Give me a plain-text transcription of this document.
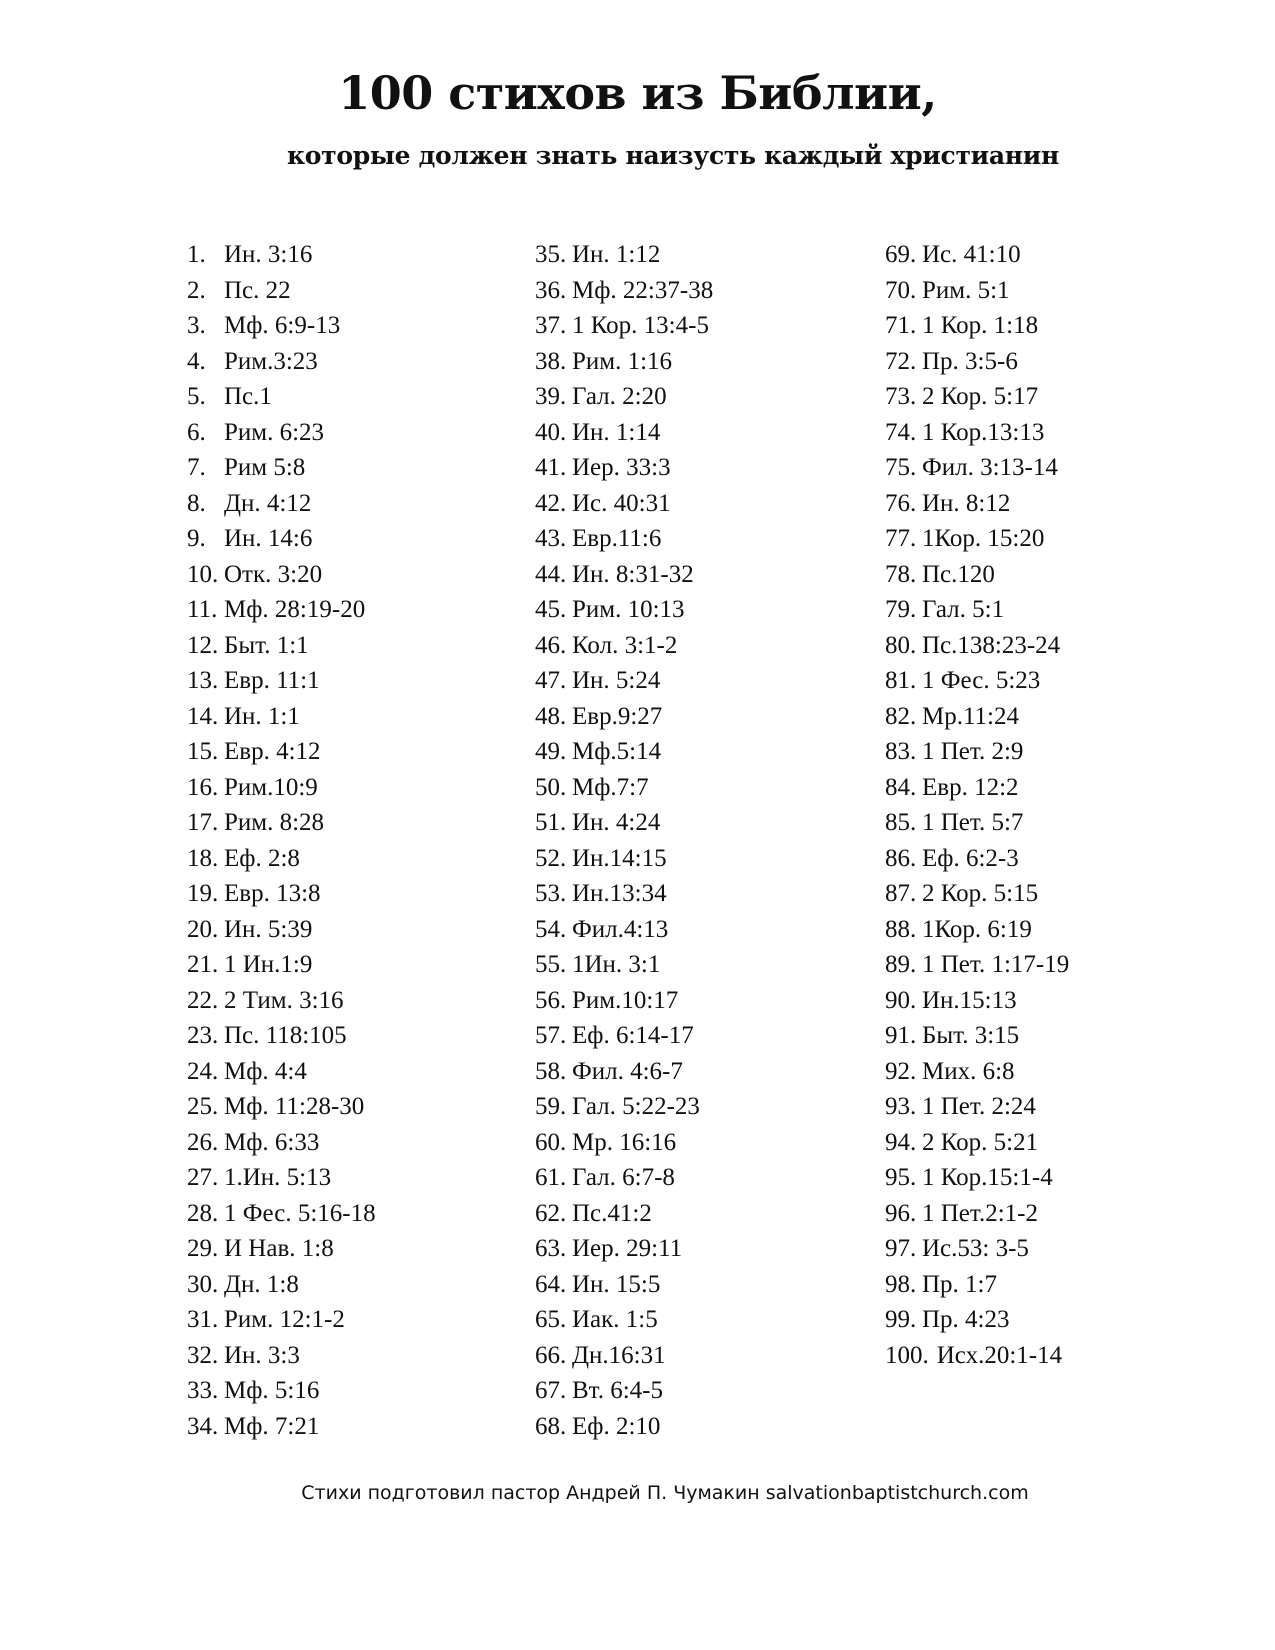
100 стихов из Библии,
которые должен знать наизусть каждый христианин
1. Ин. 3:16
2. Пс. 22
3. Мф. 6:9-13
4. Рим.3:23
5. Пс.1
6. Рим. 6:23
7. Рим 5:8
8. Дн. 4:12
9. Ин. 14:6
10. Отк. 3:20
11. Мф. 28:19-20
12. Быт. 1:1
13. Евр. 11:1
14. Ин. 1:1
15. Евр. 4:12
16. Рим.10:9
17. Рим. 8:28
18. Еф. 2:8
19. Евр. 13:8
20. Ин. 5:39
21. 1 Ин.1:9
22. 2 Тим. 3:16
23. Пс. 118:105
24. Мф. 4:4
25. Мф. 11:28-30
26. Мф. 6:33
27. 1.Ин. 5:13
28. 1 Фес. 5:16-18
29. И Нав. 1:8
30. Дн. 1:8
31. Рим. 12:1-2
32. Ин. 3:3
33. Мф. 5:16
34. Мф. 7:21
35. Ин. 1:12
36. Мф. 22:37-38
37. 1 Кор. 13:4-5
38. Рим. 1:16
39. Гал. 2:20
40. Ин. 1:14
41. Иер. 33:3
42. Ис. 40:31
43. Евр.11:6
44. Ин. 8:31-32
45. Рим. 10:13
46. Кол. 3:1-2
47. Ин. 5:24
48. Евр.9:27
49. Мф.5:14
50. Мф.7:7
51. Ин. 4:24
52. Ин.14:15
53. Ин.13:34
54. Фил.4:13
55. 1Ин. 3:1
56. Рим.10:17
57. Еф. 6:14-17
58. Фил. 4:6-7
59. Гал. 5:22-23
60. Мр. 16:16
61. Гал. 6:7-8
62. Пс.41:2
63. Иер. 29:11
64. Ин. 15:5
65. Иак. 1:5
66. Дн.16:31
67. Вт. 6:4-5
68. Еф. 2:10
69. Ис. 41:10
70. Рим. 5:1
71. 1 Кор. 1:18
72. Пр. 3:5-6
73. 2 Кор. 5:17
74. 1 Кор.13:13
75. Фил. 3:13-14
76. Ин. 8:12
77. 1Кор. 15:20
78. Пс.120
79. Гал. 5:1
80. Пс.138:23-24
81. 1 Фес. 5:23
82. Мр.11:24
83. 1 Пет. 2:9
84. Евр. 12:2
85. 1 Пет. 5:7
86. Еф. 6:2-3
87. 2 Кор. 5:15
88. 1Кор. 6:19
89. 1 Пет. 1:17-19
90. Ин.15:13
91. Быт. 3:15
92. Мих. 6:8
93. 1 Пет. 2:24
94. 2 Кор. 5:21
95. 1 Кор.15:1-4
96. 1 Пет.2:1-2
97. Ис.53: 3-5
98. Пр. 1:7
99. Пр. 4:23
100. Исх.20:1-14

Стихи подготовил пастор Андрей П. Чумакин salvationbaptistchurch.com
